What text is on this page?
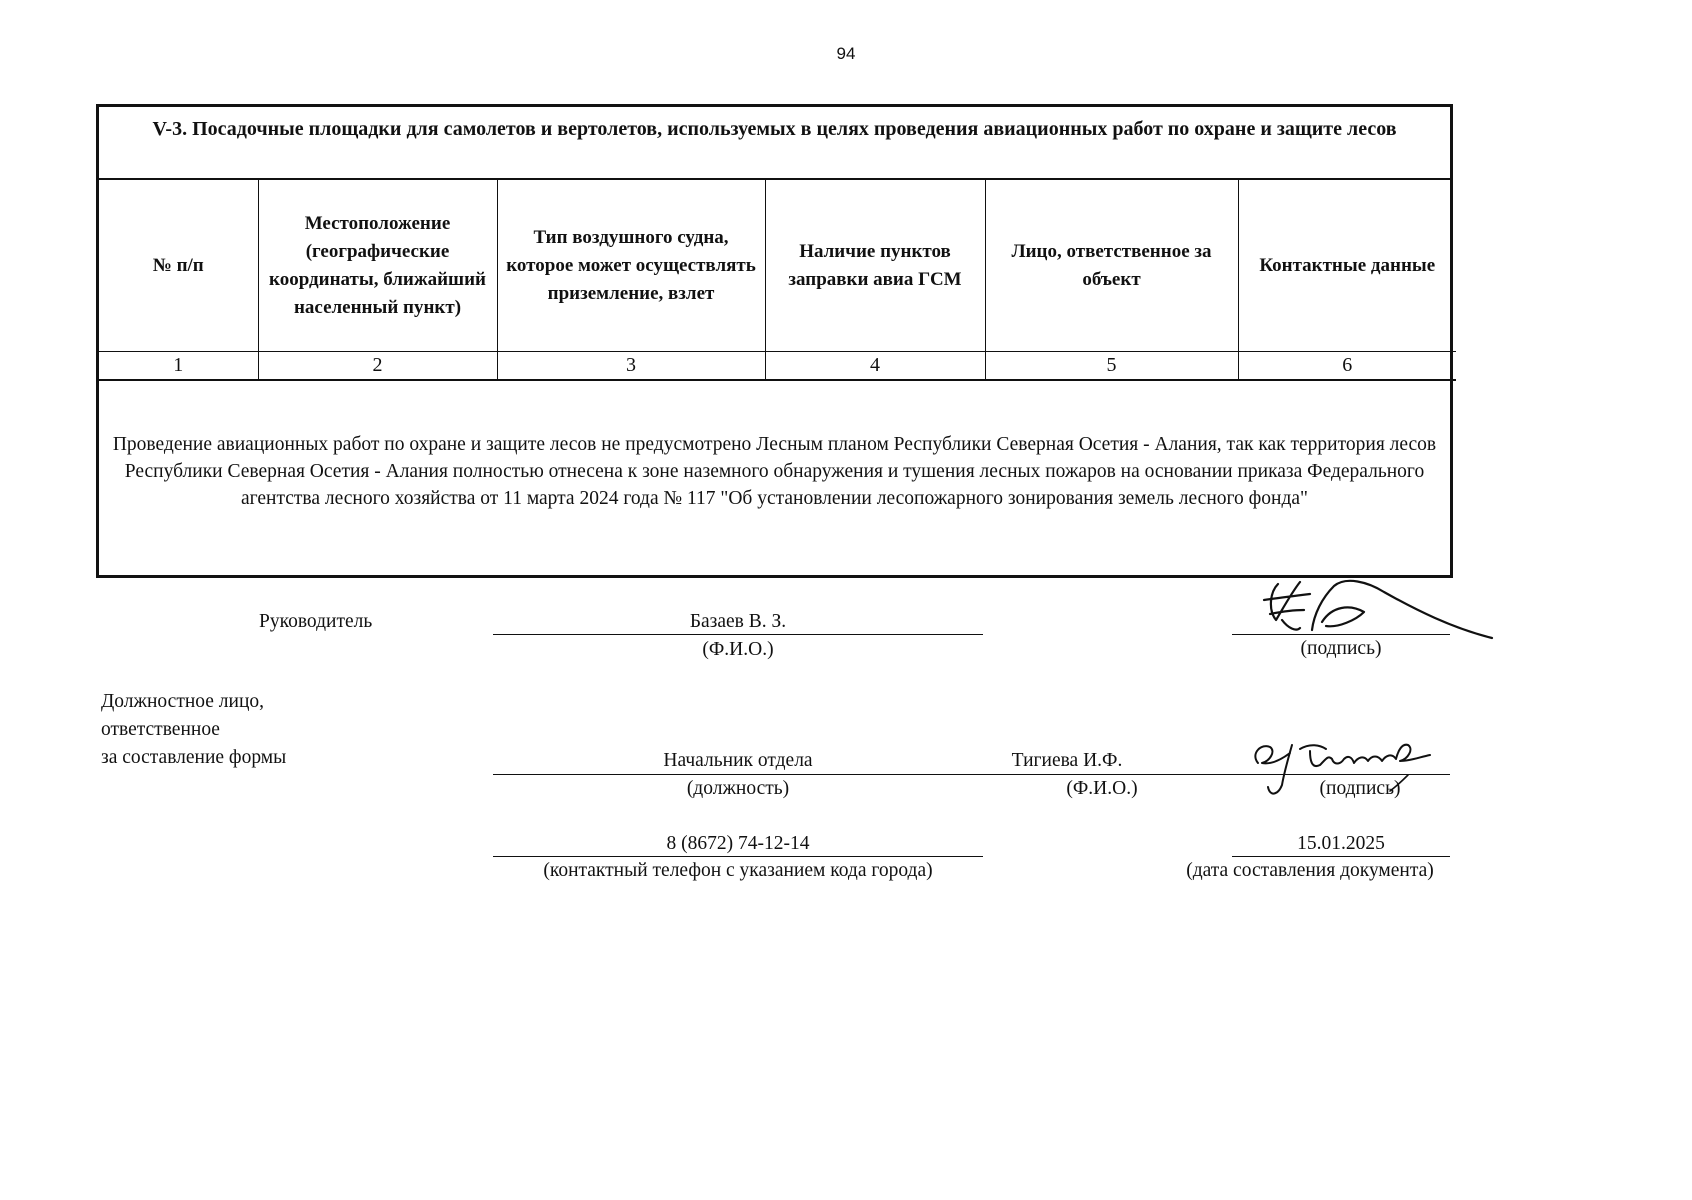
94
V-3. Посадочные площадки для самолетов и вертолетов, используемых в целях проведения авиационных работ по охране и защите лесов
№ п/п	Местоположение (географические координаты, ближайший населенный пункт)	Тип воздушного судна, которое может осуществлять приземление, взлет	Наличие пунктов заправки авиа ГСМ	Лицо, ответственное за объект	Контактные данные
1	2	3	4	5	6
Проведение авиационных работ по охране и защите лесов не предусмотрено Лесным планом Республики Северная Осетия - Алания, так как территория лесов Республики Северная Осетия - Алания полностью отнесена к зоне наземного обнаружения и тушения лесных пожаров на основании приказа Федерального агентства лесного хозяйства от 11 марта 2024 года № 117 "Об установлении лесопожарного зонирования земель лесного фонда"
Руководитель	Базаев В. З.
(Ф.И.О.)	(подпись)
Должностное лицо,
ответственное
за составление формы	Начальник отдела	Тигиева И.Ф.
(должность)	(Ф.И.О.)	(подпись)
8 (8672) 74-12-14
(контактный телефон с указанием кода города)
15.01.2025
(дата составления документа)
